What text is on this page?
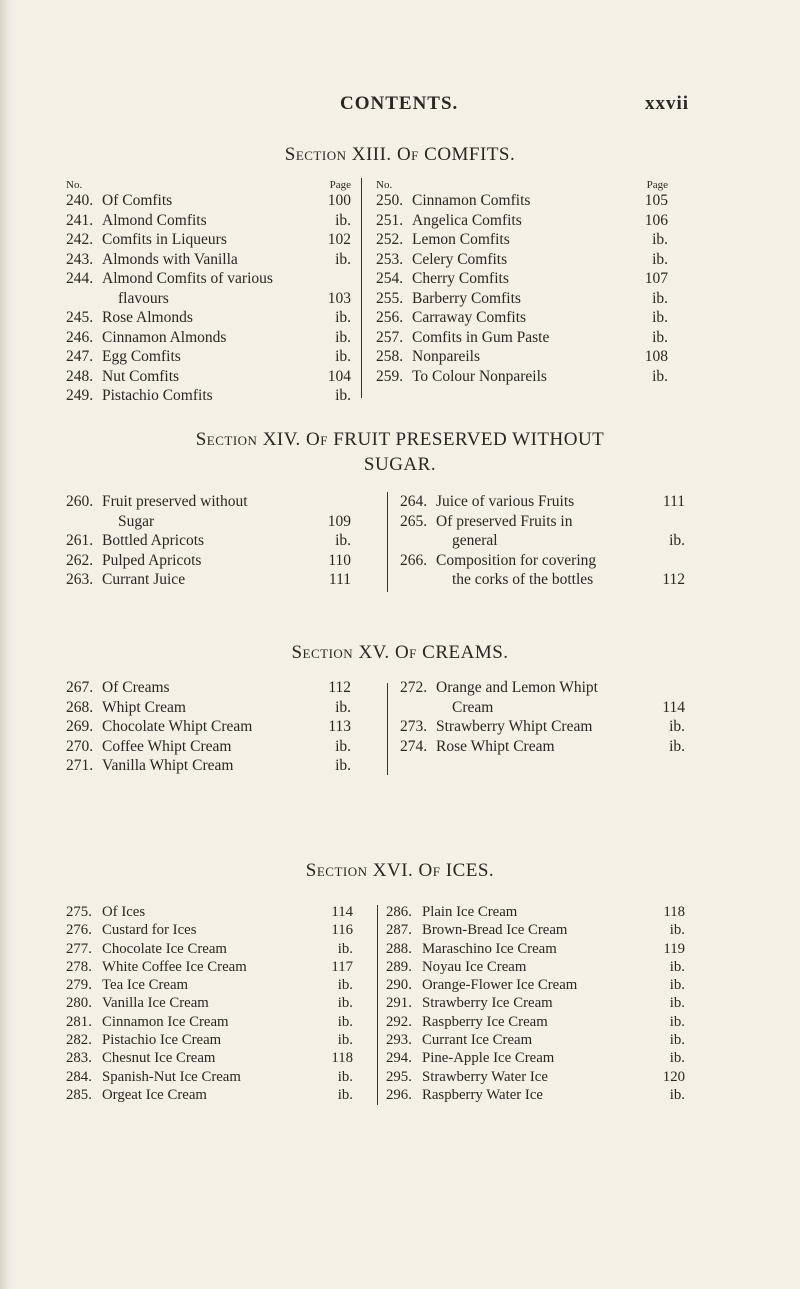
CONTENTS.	xxvii
Section XIII. Of COMFITS.
No.	Page
240. Of Comfits	100
241. Almond Comfits	ib.
242. Comfits in Liqueurs	102
243. Almonds with Vanilla	ib.
244. Almond Comfits of various
flavours	103
245. Rose Almonds	ib.
246. Cinnamon Almonds	ib.
247. Egg Comfits	ib.
248. Nut Comfits	104
249. Pistachio Comfits	ib.
No.	Page
250. Cinnamon Comfits	105
251. Angelica Comfits	106
252. Lemon Comfits	ib.
253. Celery Comfits	ib.
254. Cherry Comfits	107
255. Barberry Comfits	ib.
256. Carraway Comfits	ib.
257. Comfits in Gum Paste	ib.
258. Nonpareils	108
259. To Colour Nonpareils	ib.
Section XIV. Of FRUIT PRESERVED WITHOUT
SUGAR.
260. Fruit preserved without
Sugar	109
261. Bottled Apricots	ib.
262. Pulped Apricots	110
263. Currant Juice	111
264. Juice of various Fruits	111
265. Of preserved Fruits in
general	ib.
266. Composition for covering
the corks of the bottles	112
Section XV. Of CREAMS.
267. Of Creams	112
268. Whipt Cream	ib.
269. Chocolate Whipt Cream	113
270. Coffee Whipt Cream	ib.
271. Vanilla Whipt Cream	ib.
272. Orange and Lemon Whipt
Cream	114
273. Strawberry Whipt Cream	ib.
274. Rose Whipt Cream	ib.
Section XVI. Of ICES.
275. Of Ices	114
276. Custard for Ices	116
277. Chocolate Ice Cream	ib.
278. White Coffee Ice Cream	117
279. Tea Ice Cream	ib.
280. Vanilla Ice Cream	ib.
281. Cinnamon Ice Cream	ib.
282. Pistachio Ice Cream	ib.
283. Chesnut Ice Cream	118
284. Spanish-Nut Ice Cream	ib.
285. Orgeat Ice Cream	ib.
286. Plain Ice Cream	118
287. Brown-Bread Ice Cream	ib.
288. Maraschino Ice Cream	119
289. Noyau Ice Cream	ib.
290. Orange-Flower Ice Cream	ib.
291. Strawberry Ice Cream	ib.
292. Raspberry Ice Cream	ib.
293. Currant Ice Cream	ib.
294. Pine-Apple Ice Cream	ib.
295. Strawberry Water Ice	120
296. Raspberry Water Ice	ib.
